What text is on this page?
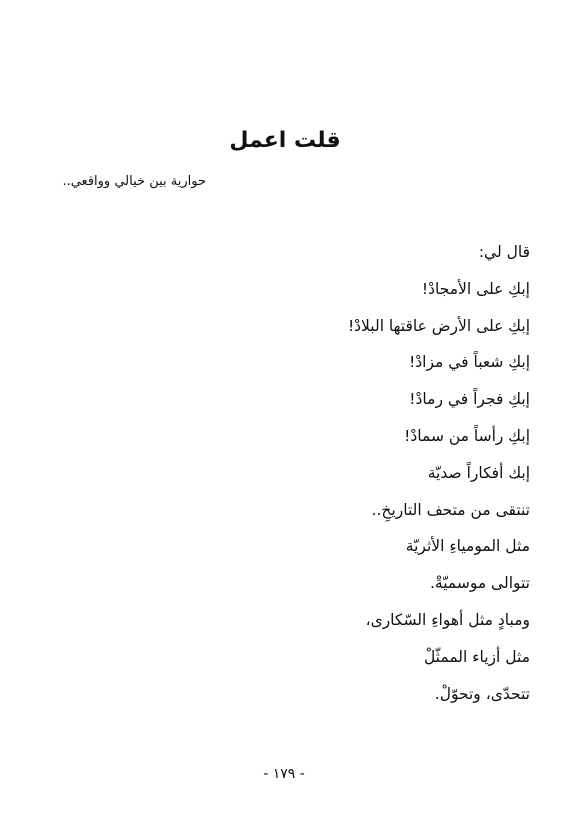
قلت اعمل
حوارية بين خيالي وواقعي..
قال لي:
إبكِ على الأمجادْ!
إبكِ على الأرض عاقتها البلادْ!
إبكِ شعباً في مزادْ!
إبكِ فجراً في رمادْ!
إبكِ رأساً من سمادْ!
إبك أفكاراً صديّة
تنتقى من متحف التاريخِ..
مثل المومياءِ الأثريّة
تتوالى موسميّةْ.
ومبادٍ مثل أهواءِ السّكارى،
مثل أزياء الممثّلْ
تتحدّى، وتحوّلْ.
- ١٧٩ -
